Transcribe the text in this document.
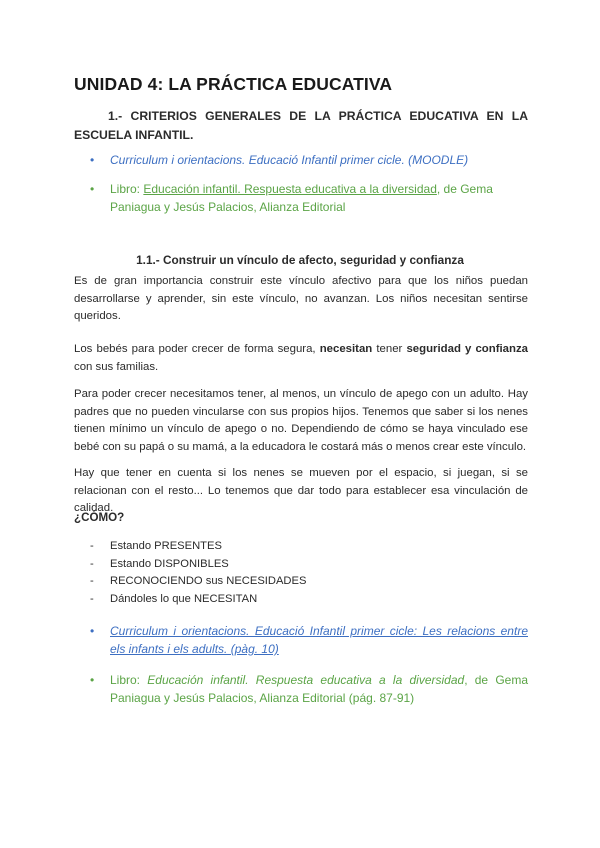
UNIDAD 4: LA PRÁCTICA EDUCATIVA
1.- CRITERIOS GENERALES DE LA PRÁCTICA EDUCATIVA EN LA ESCUELA INFANTIL.
•	Curriculum i orientacions. Educació Infantil primer cicle. (MOODLE)
•	Libro: Educación infantil. Respuesta educativa a la diversidad, de Gema Paniagua y Jesús Palacios, Alianza Editorial
1.1.- Construir un vínculo de afecto, seguridad y confianza
Es de gran importancia construir este vínculo afectivo para que los niños puedan desarrollarse y aprender, sin este vínculo, no avanzan. Los niños necesitan sentirse queridos.
Los bebés para poder crecer de forma segura, necesitan tener seguridad y confianza con sus familias.
Para poder crecer necesitamos tener, al menos, un vínculo de apego con un adulto. Hay padres que no pueden vincularse con sus propios hijos. Tenemos que saber si los nenes tienen mínimo un vínculo de apego o no. Dependiendo de cómo se haya vinculado ese bebé con su papá o su mamá, a la educadora le costará más o menos crear este vínculo.
Hay que tener en cuenta si los nenes se mueven por el espacio, si juegan, si se relacionan con el resto... Lo tenemos que dar todo para establecer esa vinculación de calidad.
¿CÓMO?
-	Estando PRESENTES
-	Estando DISPONIBLES
-	RECONOCIENDO sus NECESIDADES
-	Dándoles lo que NECESITAN
•	Curriculum i orientacions. Educació Infantil primer cicle: Les relacions entre els infants i els adults. (pàg. 10)
•	Libro: Educación infantil. Respuesta educativa a la diversidad, de Gema Paniagua y Jesús Palacios, Alianza Editorial (pág. 87-91)
